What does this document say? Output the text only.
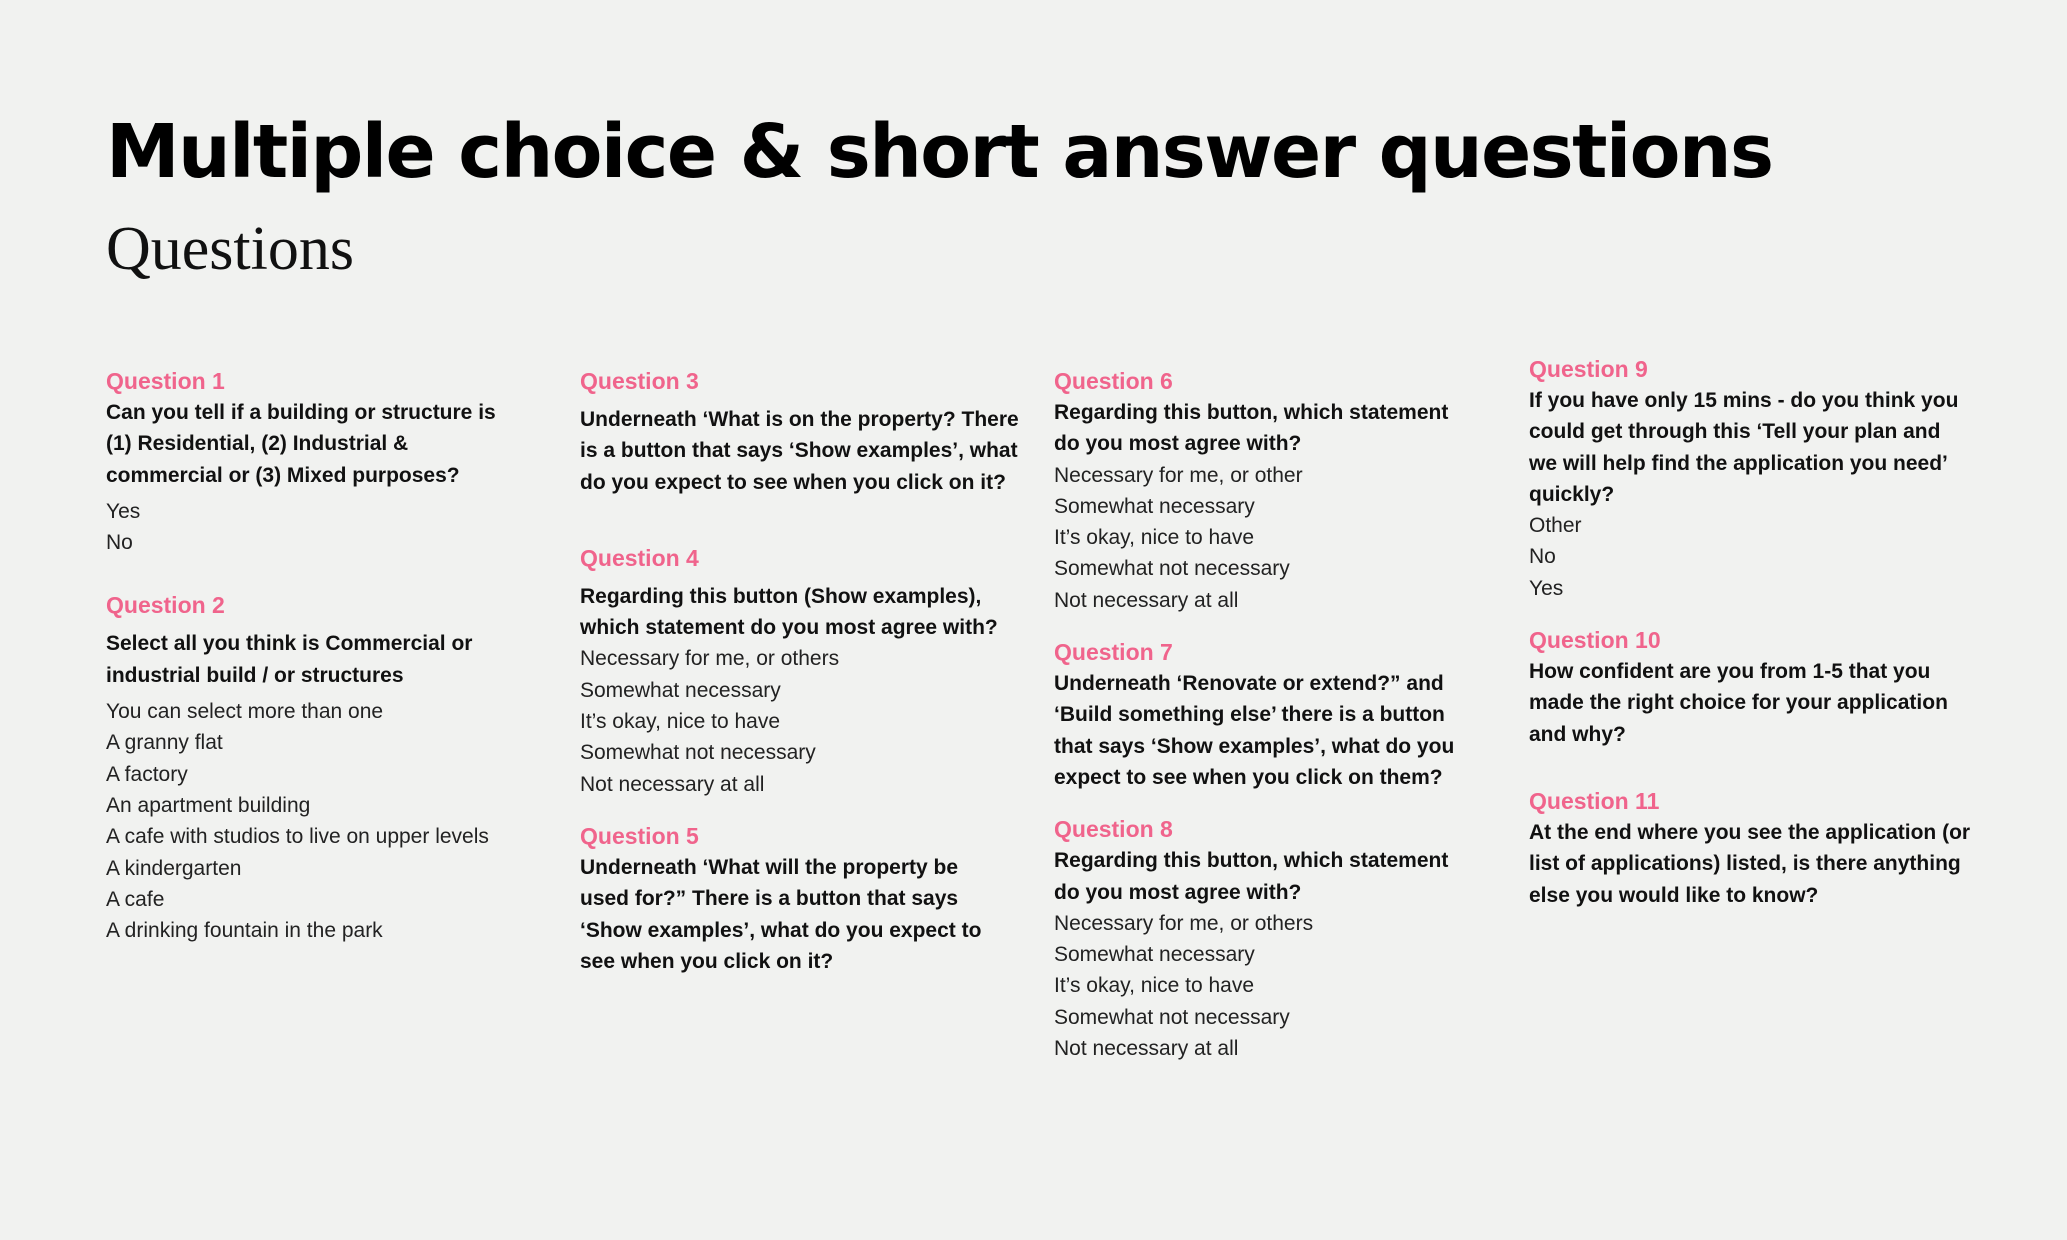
Multiple choice & short answer questions
Questions
Question 1
Can you tell if a building or structure is (1) Residential, (2) Industrial & commercial or (3) Mixed purposes?
Yes
No
Question 2
Select all you think is Commercial or industrial build / or structures
You can select more than one
A granny flat
A factory
An apartment building
A cafe with studios to live on upper levels
A kindergarten
A cafe
A drinking fountain in the park
Question 3
Underneath ‘What is on the property? There is a button that says ‘Show examples’, what do you expect to see when you click on it?
Question 4
Regarding this button (Show examples), which statement do you most agree with?
Necessary for me, or others
Somewhat necessary
It’s okay, nice to have
Somewhat not necessary
Not necessary at all
Question 5
Underneath ‘What will the property be used for?” There is a button that says ‘Show examples’, what do you expect to see when you click on it?
Question 6
Regarding this button, which statement do you most agree with?
Necessary for me, or other
Somewhat necessary
It’s okay, nice to have
Somewhat not necessary
Not necessary at all
Question 7
Underneath ‘Renovate or extend?” and ‘Build something else’ there is a button that says ‘Show examples’, what do you expect to see when you click on them?
Question 8
Regarding this button, which statement do you most agree with?
Necessary for me, or others
Somewhat necessary
It’s okay, nice to have
Somewhat not necessary
Not necessary at all
Question 9
If you have only 15 mins - do you think you could get through this ‘Tell your plan and we will help find the application you need’ quickly?
Other
No
Yes
Question 10
How confident are you from 1-5 that you made the right choice for your application and why?
Question 11
At the end where you see the application (or list of applications) listed, is there anything else you would like to know?
